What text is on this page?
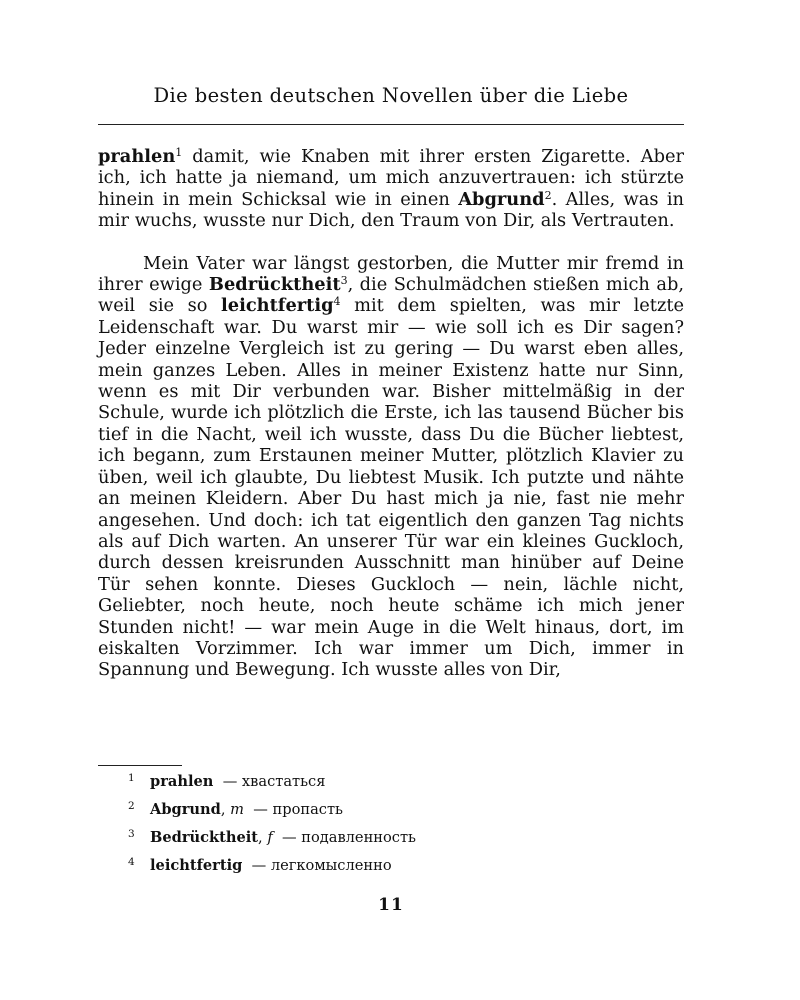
Die besten deutschen Novellen über die Liebe

prahlen$^1$ damit, wie Knaben mit ihrer ersten Zigarette. Aber ich, ich hatte ja niemand, um mich anzuvertrauen: ich stürzte hinein in mein Schicksal wie in einen Abgrund$^2$. Alles, was in mir wuchs, wusste nur Dich, den Traum von Dir, als Vertrauten.

Mein Vater war längst gestorben, die Mutter mir fremd in ihrer ewige Bedrücktheit$^3$, die Schulmädchen stießen mich ab, weil sie so leichtfertig$^4$ mit dem spielten, was mir letzte Leidenschaft war. Du warst mir — wie soll ich es Dir sagen? Jeder einzelne Vergleich ist zu gering — Du warst eben alles, mein ganzes Leben. Alles in meiner Existenz hatte nur Sinn, wenn es mit Dir verbunden war. Bisher mittelmäßig in der Schule, wurde ich plötzlich die Erste, ich las tausend Bücher bis tief in die Nacht, weil ich wusste, dass Du die Bücher liebtest, ich begann, zum Erstaunen meiner Mutter, plötzlich Klavier zu üben, weil ich glaubte, Du liebtest Musik. Ich putzte und nähte an meinen Kleidern. Aber Du hast mich ja nie, fast nie mehr angesehen. Und doch: ich tat eigentlich den ganzen Tag nichts als auf Dich warten. An unserer Tür war ein kleines Guckloch, durch dessen kreisrunden Ausschnitt man hinüber auf Deine Tür sehen konnte. Dieses Guckloch — nein, lächle nicht, Geliebter, noch heute, noch heute schäme ich mich jener Stunden nicht! — war mein Auge in die Welt hinaus, dort, im eiskalten Vorzimmer. Ich war immer um Dich, immer in Spannung und Bewegung. Ich wusste alles von Dir,

1 prahlen — хвастаться
2 Abgrund, m — пропасть
3 Bedrücktheit, f — подавленность
4 leichtfertig — легкомысленно
11
